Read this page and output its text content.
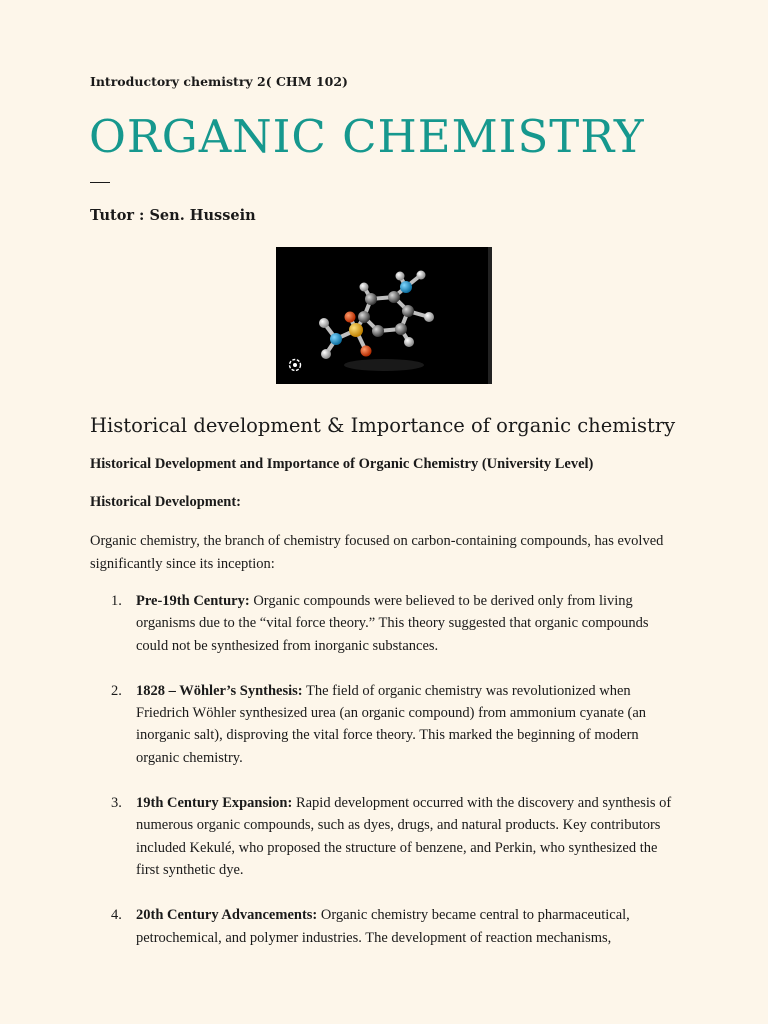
Introductory chemistry 2( CHM 102)
ORGANIC CHEMISTRY
Tutor : Sen. Hussein
Historical development & Importance of organic chemistry
Historical Development and Importance of Organic Chemistry (University Level)
Historical Development:

Organic chemistry, the branch of chemistry focused on carbon-containing compounds, has evolved significantly since its inception:

1. Pre-19th Century: Organic compounds were believed to be derived only from living organisms due to the “vital force theory.” This theory suggested that organic compounds could not be synthesized from inorganic substances.
2. 1828 – Wöhler’s Synthesis: The field of organic chemistry was revolutionized when Friedrich Wöhler synthesized urea (an organic compound) from ammonium cyanate (an inorganic salt), disproving the vital force theory. This marked the beginning of modern organic chemistry.
3. 19th Century Expansion: Rapid development occurred with the discovery and synthesis of numerous organic compounds, such as dyes, drugs, and natural products. Key contributors included Kekulé, who proposed the structure of benzene, and Perkin, who synthesized the first synthetic dye.
4. 20th Century Advancements: Organic chemistry became central to pharmaceutical, petrochemical, and polymer industries. The development of reaction mechanisms,
